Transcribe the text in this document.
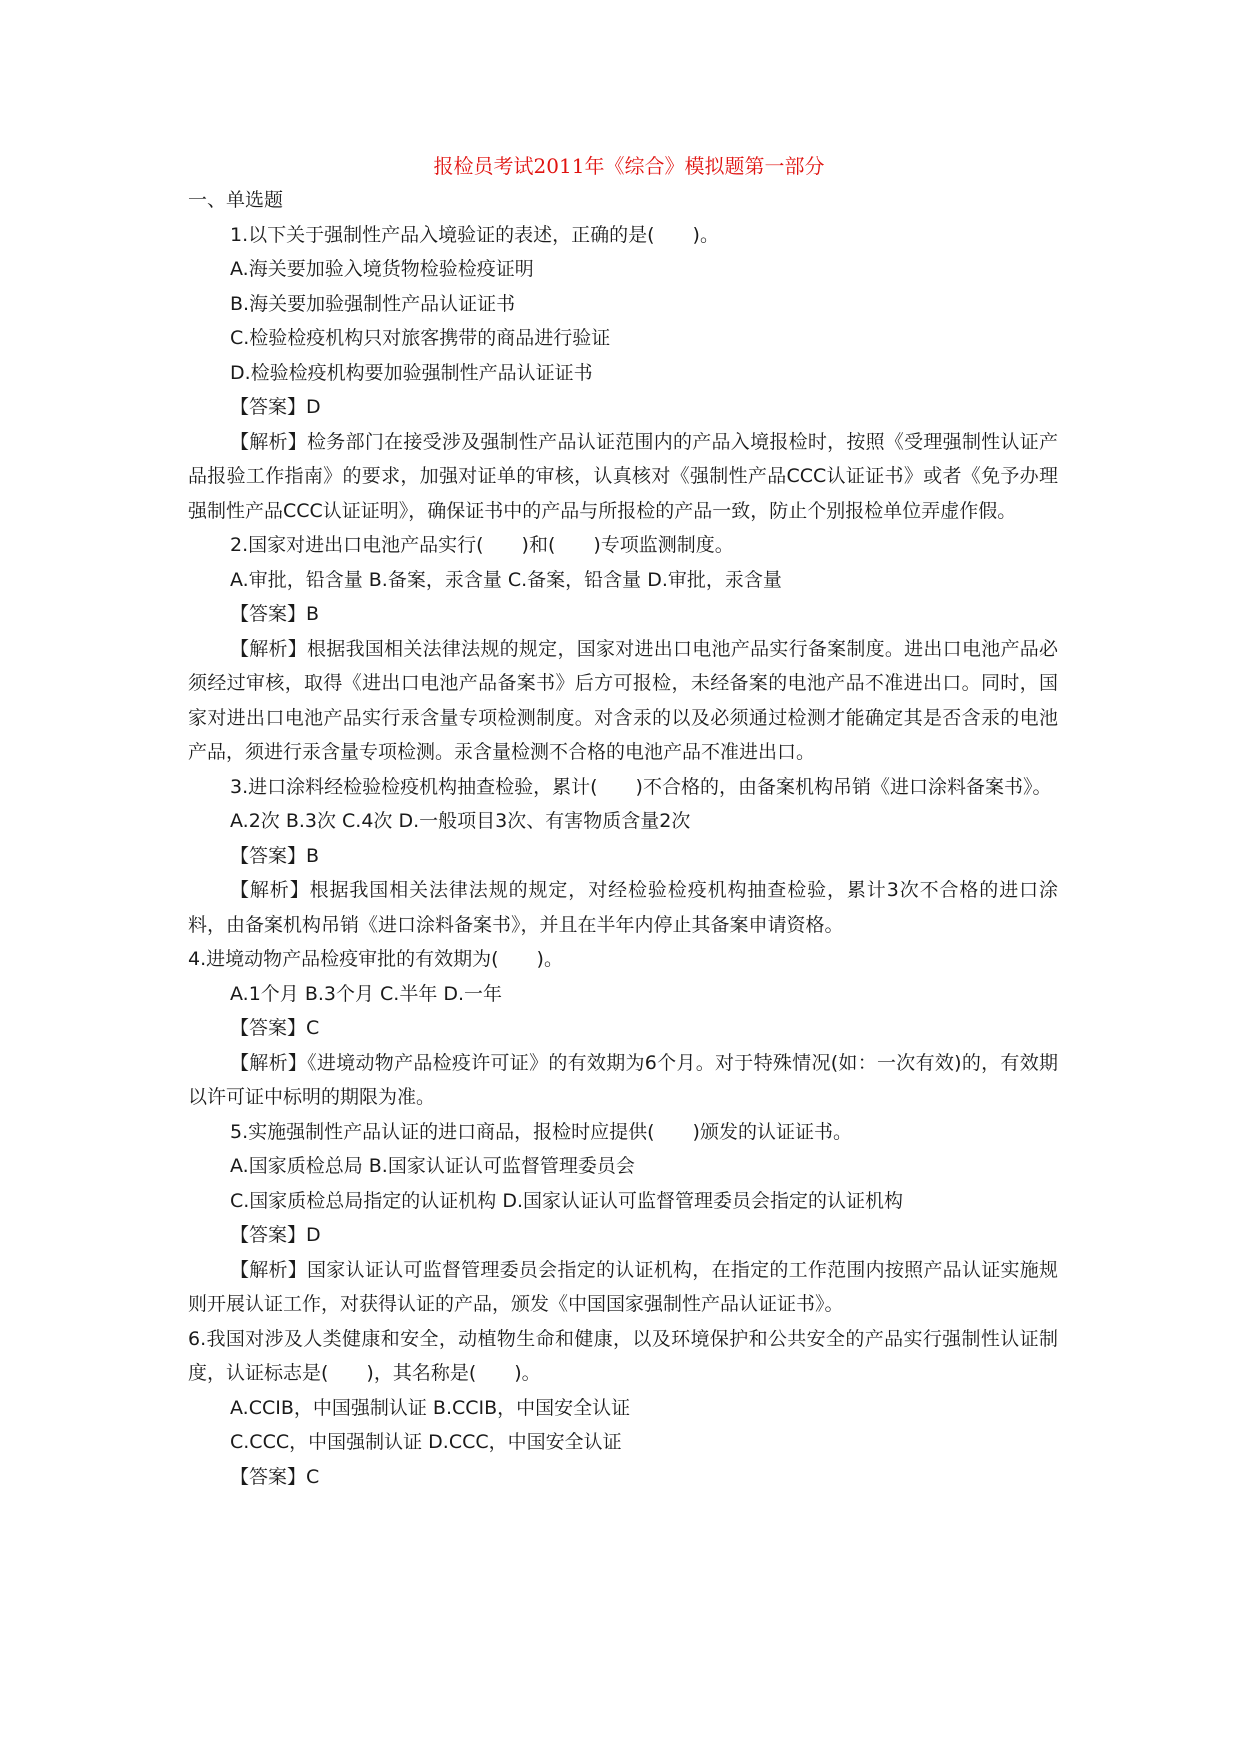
报检员考试2011年《综合》模拟题第一部分
一、单选题
1.以下关于强制性产品入境验证的表述，正确的是(　　)。
A.海关要加验入境货物检验检疫证明
B.海关要加验强制性产品认证证书
C.检验检疫机构只对旅客携带的商品进行验证
D.检验检疫机构要加验强制性产品认证证书
【答案】D
【解析】检务部门在接受涉及强制性产品认证范围内的产品入境报检时，按照《受理强制性认证产品报验工作指南》的要求，加强对证单的审核，认真核对《强制性产品CCC认证证书》或者《免予办理强制性产品CCC认证证明》，确保证书中的产品与所报检的产品一致，防止个别报检单位弄虚作假。
2.国家对进出口电池产品实行(　　)和(　　)专项监测制度。
A.审批，铅含量 B.备案，汞含量 C.备案，铅含量 D.审批，汞含量
【答案】B
【解析】根据我国相关法律法规的规定，国家对进出口电池产品实行备案制度。进出口电池产品必须经过审核，取得《进出口电池产品备案书》后方可报检，未经备案的电池产品不准进出口。同时，国家对进出口电池产品实行汞含量专项检测制度。对含汞的以及必须通过检测才能确定其是否含汞的电池产品，须进行汞含量专项检测。汞含量检测不合格的电池产品不准进出口。
3.进口涂料经检验检疫机构抽查检验，累计(　　)不合格的，由备案机构吊销《进口涂料备案书》。
A.2次 B.3次 C.4次 D.一般项目3次、有害物质含量2次
【答案】B
【解析】根据我国相关法律法规的规定，对经检验检疫机构抽查检验，累计3次不合格的进口涂料，由备案机构吊销《进口涂料备案书》，并且在半年内停止其备案申请资格。
4.进境动物产品检疫审批的有效期为(　　)。
A.1个月 B.3个月 C.半年 D.一年
【答案】C
【解析】《进境动物产品检疫许可证》的有效期为6个月。对于特殊情况(如：一次有效)的，有效期以许可证中标明的期限为准。
5.实施强制性产品认证的进口商品，报检时应提供(　　)颁发的认证证书。
A.国家质检总局 B.国家认证认可监督管理委员会
C.国家质检总局指定的认证机构 D.国家认证认可监督管理委员会指定的认证机构
【答案】D
【解析】国家认证认可监督管理委员会指定的认证机构，在指定的工作范围内按照产品认证实施规则开展认证工作，对获得认证的产品，颁发《中国国家强制性产品认证证书》。
6.我国对涉及人类健康和安全，动植物生命和健康，以及环境保护和公共安全的产品实行强制性认证制度，认证标志是(　　)，其名称是(　　)。
A.CCIB，中国强制认证 B.CCIB，中国安全认证
C.CCC，中国强制认证 D.CCC，中国安全认证
【答案】C
